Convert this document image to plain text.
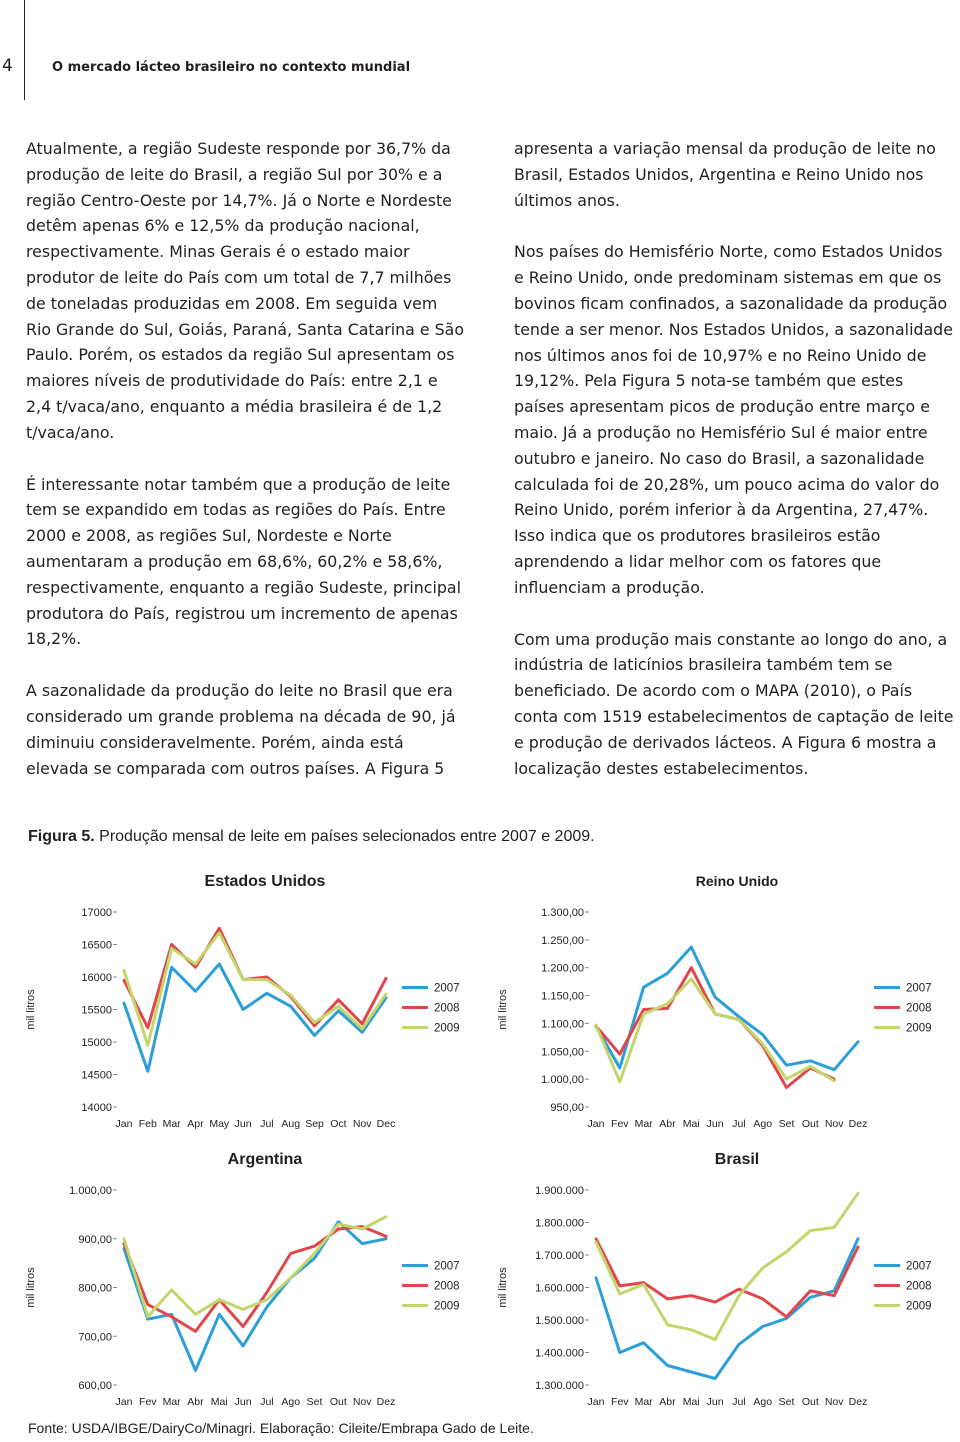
4	O mercado lácteo brasileiro no contexto mundial

Atualmente, a região Sudeste responde por 36,7% da produção de leite do Brasil, a região Sul por 30% e a região Centro-Oeste por 14,7%. Já o Norte e Nordeste detêm apenas 6% e 12,5% da produção nacional, respectivamente. Minas Gerais é o estado maior produtor de leite do País com um total de 7,7 milhões de toneladas produzidas em 2008. Em seguida vem Rio Grande do Sul, Goiás, Paraná, Santa Catarina e São Paulo. Porém, os estados da região Sul apresentam os maiores níveis de produtividade do País: entre 2,1 e 2,4 t/vaca/ano, enquanto a média brasileira é de 1,2 t/vaca/ano.

É interessante notar também que a produção de leite tem se expandido em todas as regiões do País. Entre 2000 e 2008, as regiões Sul, Nordeste e Norte aumentaram a produção em 68,6%, 60,2% e 58,6%, respectivamente, enquanto a região Sudeste, principal produtora do País, registrou um incremento de apenas 18,2%.

A sazonalidade da produção do leite no Brasil que era considerado um grande problema na década de 90, já diminuiu consideravelmente. Porém, ainda está elevada se comparada com outros países. A Figura 5

apresenta a variação mensal da produção de leite no Brasil, Estados Unidos, Argentina e Reino Unido nos últimos anos.

Nos países do Hemisfério Norte, como Estados Unidos e Reino Unido, onde predominam sistemas em que os bovinos ficam confinados, a sazonalidade da produção tende a ser menor. Nos Estados Unidos, a sazonalidade nos últimos anos foi de 10,97% e no Reino Unido de 19,12%. Pela Figura 5 nota-se também que estes países apresentam picos de produção entre março e maio. Já a produção no Hemisfério Sul é maior entre outubro e janeiro. No caso do Brasil, a sazonalidade calculada foi de 20,28%, um pouco acima do valor do Reino Unido, porém inferior à da Argentina, 27,47%. Isso indica que os produtores brasileiros estão aprendendo a lidar melhor com os fatores que influenciam a produção.

Com uma produção mais constante ao longo do ano, a indústria de laticínios brasileira também tem se beneficiado. De acordo com o MAPA (2010), o País conta com 1519 estabelecimentos de captação de leite e produção de derivados lácteos. A Figura 6 mostra a localização destes estabelecimentos.

Figura 5. Produção mensal de leite em países selecionados entre 2007 e 2009.
Estados Unidos
mil litros
17000
16500
16000
15500
15000
14500
14000
Jan Feb Mar Apr May Jun Jul Aug Sep Oct Nov Dec
2007
2008
2009
Reino Unido
mil litros
1.300,00
1.250,00
1.200,00
1.150,00
1.100,00
1.050,00
1.000,00
950,00
Jan Fev Mar Abr Mai Jun Jul Ago Set Out Nov Dez
2007
2008
2009
Argentina
mil litros
1.000,00
900,00
800,00
700,00
600,00
Jan Fev Mar Abr Mai Jun Jul Ago Set Out Nov Dez
2007
2008
2009
Brasil
mil litros
1.900.000
1.800.000
1.700.000
1.600.000
1.500.000
1.400.000
1.300.000
Jan Fev Mar Abr Mai Jun Jul Ago Set Out Nov Dez
2007
2008
2009
Fonte: USDA/IBGE/DairyCo/Minagri. Elaboração: Cileite/Embrapa Gado de Leite.
